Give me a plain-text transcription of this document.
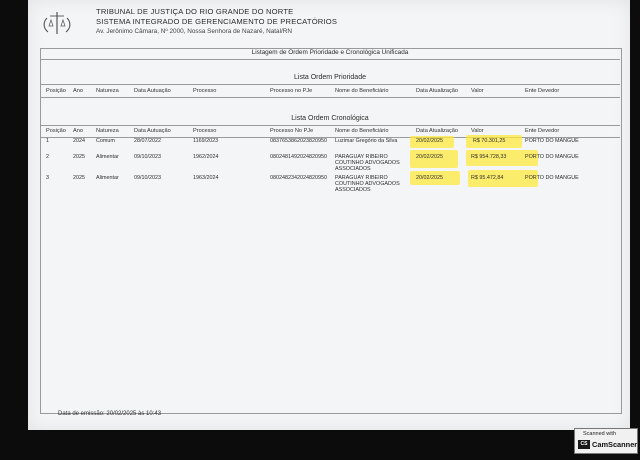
TRIBUNAL DE JUSTIÇA DO RIO GRANDE DO NORTE
SISTEMA INTEGRADO DE GERENCIAMENTO DE PRECATÓRIOS
Av. Jerônimo Câmara, Nº 2000, Nossa Senhora de Nazaré, Natal/RN
Listagem de Ordem Prioridade e Cronológica Unificada
Lista Ordem Prioridade
Posição Ano Natureza	Data Autuação	Processo	Processo no PJe	Nome do Beneficiário	Data Atualização Valor	Ente Devedor
Lista Ordem Cronológica
Posição Ano Natureza	Data Autuação	Processo	Processo No PJe	Nome do Beneficiário	Data Atualização Valor	Ente Devedor
1	2024 Comum	28/07/2022	1169/2023	0837653862023820950 Luzimar Gregório da Silva	20/02/2025	R$ 70.301,25	PORTO DO MANGUE
2	2025 Alimentar	09/10/2023	1962/2024	0802481492024820950 PARAGUAY RIBEIRO
COUTINHO ADVOGADOS
ASSOCIADOS
20/02/2025	R$ 954.728,33	PORTO DO MANGUE
3	2025 Alimentar	09/10/2023	1963/2024	0802482342024820950 PARAGUAY RIBEIRO
COUTINHO ADVOGADOS
ASSOCIADOS
20/02/2025	R$ 95.472,84	PORTO DO MANGUE
Data de emissão: 20/02/2025 às 10:43
Scanned with
CS CamScanner
